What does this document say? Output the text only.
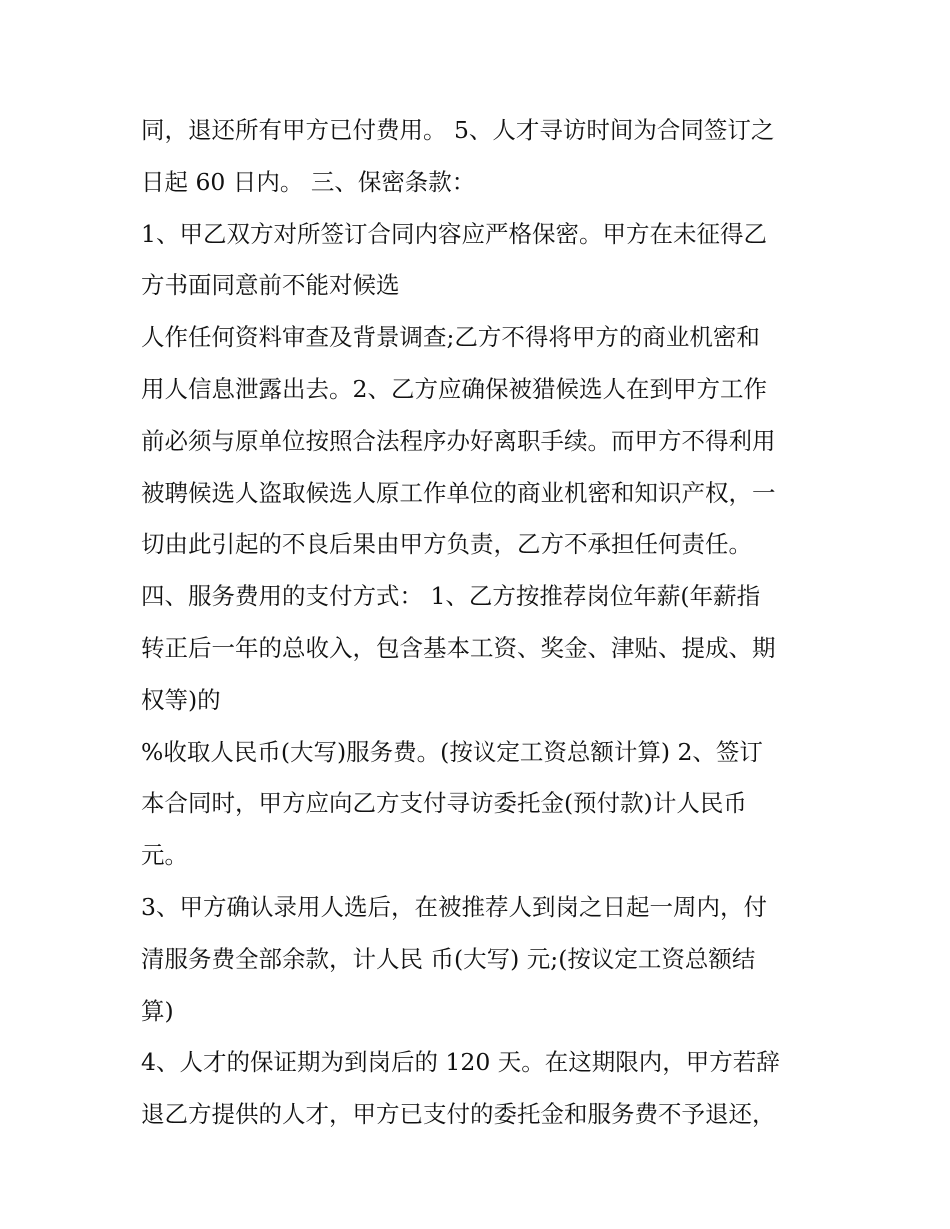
同，退还所有甲方已付费用。 5、人才寻访时间为合同签订之
日起 60 日内。 三、保密条款：
1、甲乙双方对所签订合同内容应严格保密。甲方在未征得乙
方书面同意前不能对候选
人作任何资料审查及背景调查;乙方不得将甲方的商业机密和
用人信息泄露出去。2、乙方应确保被猎候选人在到甲方工作
前必须与原单位按照合法程序办好离职手续。而甲方不得利用
被聘候选人盗取候选人原工作单位的商业机密和知识产权，一
切由此引起的不良后果由甲方负责，乙方不承担任何责任。
四、服务费用的支付方式： 1、乙方按推荐岗位年薪(年薪指
转正后一年的总收入，包含基本工资、奖金、津贴、提成、期
权等)的
%收取人民币(大写)服务费。(按议定工资总额计算) 2、签订
本合同时，甲方应向乙方支付寻访委托金(预付款)计人民币
元。
3、甲方确认录用人选后，在被推荐人到岗之日起一周内，付
清服务费全部余款，计人民 币(大写) 元;(按议定工资总额结
算)
4、人才的保证期为到岗后的 120 天。在这期限内，甲方若辞
退乙方提供的人才，甲方已支付的委托金和服务费不予退还，
